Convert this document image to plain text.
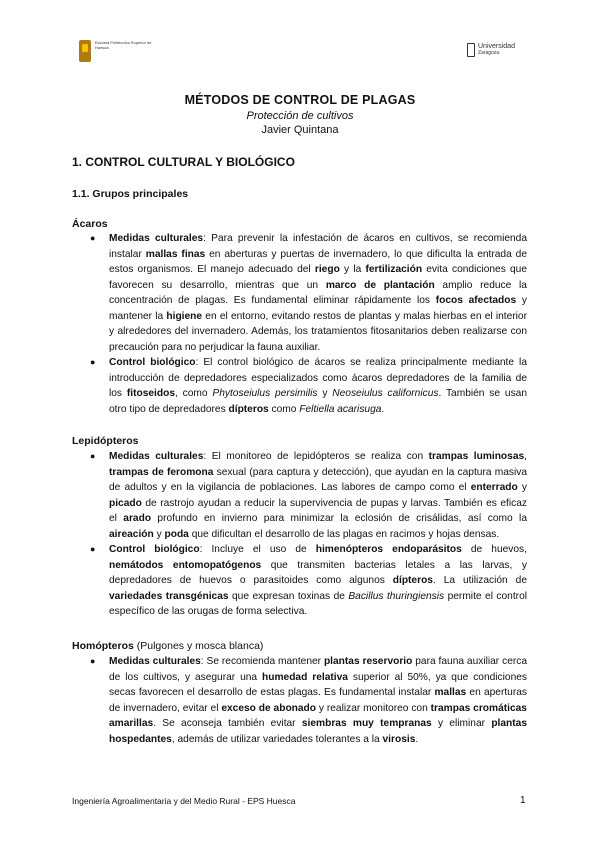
Escuela Politécnica Superior de Huesca	Universidad
Zaragoza
MÉTODOS DE CONTROL DE PLAGAS
Protección de cultivos
Javier Quintana
1. CONTROL CULTURAL Y BIOLÓGICO
1.1. Grupos principales
Ácaros
● Medidas culturales: Para prevenir la infestación de ácaros en cultivos, se recomienda instalar mallas finas en aberturas y puertas de invernadero, lo que dificulta la entrada de estos organismos. El manejo adecuado del riego y la fertilización evita condiciones que favorecen su desarrollo, mientras que un marco de plantación amplio reduce la concentración de plagas. Es fundamental eliminar rápidamente los focos afectados y mantener la higiene en el entorno, evitando restos de plantas y malas hierbas en el interior y alrededores del invernadero. Además, los tratamientos fitosanitarios deben realizarse con precaución para no perjudicar la fauna auxiliar.
● Control biológico: El control biológico de ácaros se realiza principalmente mediante la introducción de depredadores especializados como ácaros depredadores de la familia de los fitoseidos, como Phytoseiulus persimilis y Neoseiulus californicus. También se usan otro tipo de depredadores dípteros como Feltiella acarisuga.
Lepidópteros
● Medidas culturales: El monitoreo de lepidópteros se realiza con trampas luminosas, trampas de feromona sexual (para captura y detección), que ayudan en la captura masiva de adultos y en la vigilancia de poblaciones. Las labores de campo como el enterrado y picado de rastrojo ayudan a reducir la supervivencia de pupas y larvas. También es eficaz el arado profundo en invierno para minimizar la eclosión de crisálidas, así como la aireación y poda que dificultan el desarrollo de las plagas en racimos y hojas densas.
● Control biológico: Incluye el uso de himenópteros endoparásitos de huevos, nemátodos entomopatógenos que transmiten bacterias letales a las larvas, y depredadores de huevos o parasitoides como algunos dípteros. La utilización de variedades transgénicas que expresan toxinas de Bacillus thuringiensis permite el control específico de las orugas de forma selectiva.
Homópteros (Pulgones y mosca blanca)
● Medidas culturales: Se recomienda mantener plantas reservorio para fauna auxiliar cerca de los cultivos, y asegurar una humedad relativa superior al 50%, ya que condiciones secas favorecen el desarrollo de estas plagas. Es fundamental instalar mallas en aperturas de invernadero, evitar el exceso de abonado y realizar monitoreo con trampas cromáticas amarillas. Se aconseja también evitar siembras muy tempranas y eliminar plantas hospedantes, además de utilizar variedades tolerantes a la virosis.
Ingeniería Agroalimentaria y del Medio Rural - EPS Huesca	1
